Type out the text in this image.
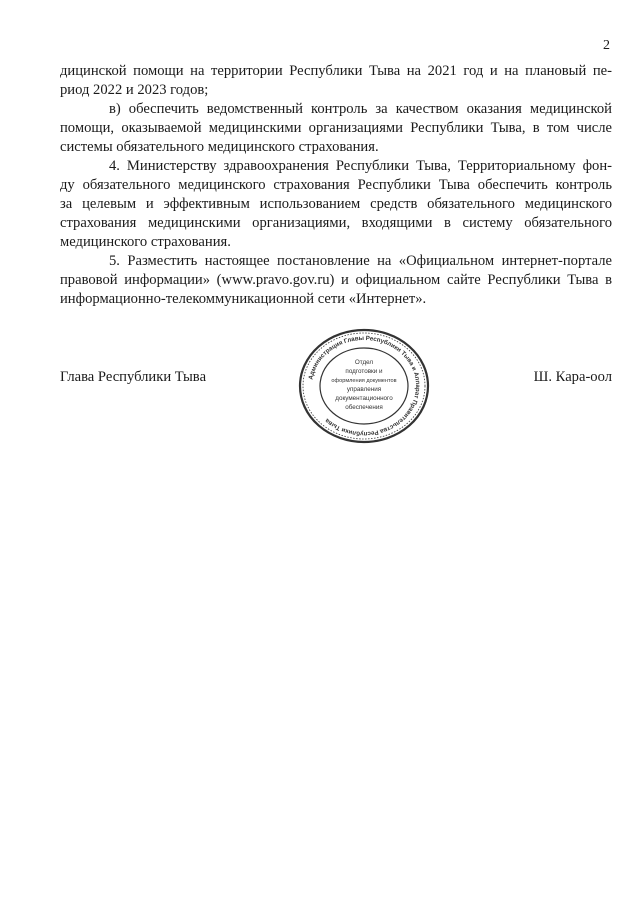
2
дицинской помощи на территории Республики Тыва на 2021 год и на плановый пе-
риод 2022 и 2023 годов;
в) обеспечить ведомственный контроль за качеством оказания медицинской
помощи, оказываемой медицинскими организациями Республики Тыва, в том числе
системы обязательного медицинского страхования.
4. Министерству здравоохранения Республики Тыва, Территориальному фон-
ду обязательного медицинского страхования Республики Тыва обеспечить контроль
за целевым и эффективным использованием средств обязательного медицинского
страхования медицинскими организациями, входящими в систему обязательного
медицинского страхования.
5. Разместить настоящее постановление на «Официальном интернет-портале
правовой информации» (www.pravo.gov.ru) и официальном сайте Республики Тыва в
информационно-телекоммуникационной сети «Интернет».
Глава Республики Тывa	Ш. Кара-оол
Администрация Главы Республики Тыва и Аппарат Правительства Республики Тыва
Отдел
подготовки и
оформления документов
управления
документационного
обеспечения
